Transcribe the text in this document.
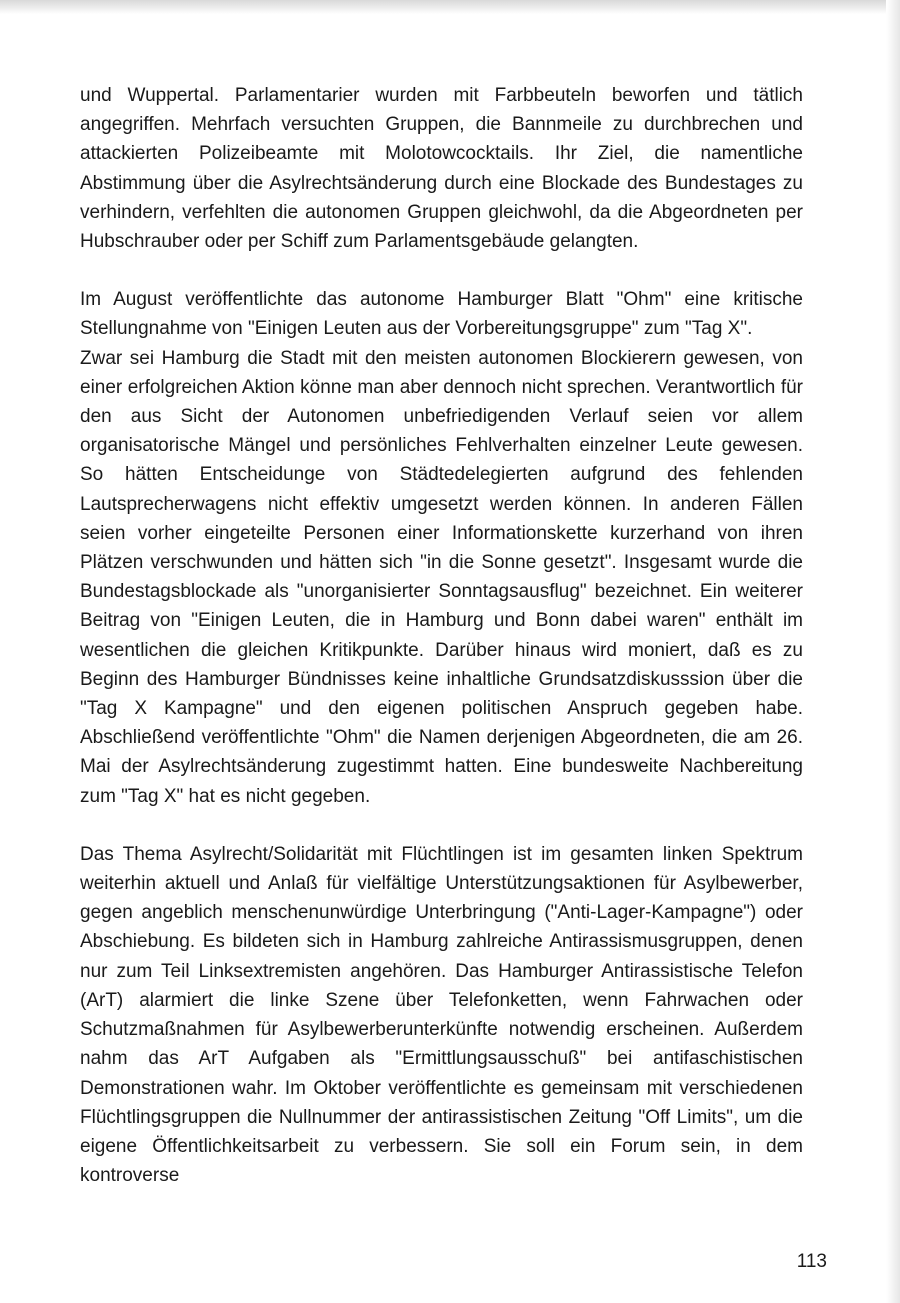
und Wuppertal. Parlamentarier wurden mit Farbbeuteln beworfen und tätlich angegriffen. Mehrfach versuchten Gruppen, die Bannmeile zu durchbrechen und attackierten Polizeibeamte mit Molotowcocktails. Ihr Ziel, die namentliche Abstimmung über die Asylrechtsänderung durch eine Blockade des Bundestages zu verhindern, verfehlten die autonomen Gruppen gleichwohl, da die Abgeordneten per Hubschrauber oder per Schiff zum Parlamentsgebäude gelangten.

Im August veröffentlichte das autonome Hamburger Blatt "Ohm" eine kritische Stellungnahme von "Einigen Leuten aus der Vorbereitungsgruppe" zum "Tag X".

Zwar sei Hamburg die Stadt mit den meisten autonomen Blockierern gewesen, von einer erfolgreichen Aktion könne man aber dennoch nicht sprechen. Verantwortlich für den aus Sicht der Autonomen unbefriedigenden Verlauf seien vor allem organisatorische Mängel und persönliches Fehlverhalten einzelner Leute gewesen. So hätten Entscheidunge von Städtedelegierten aufgrund des fehlenden Lautsprecherwagens nicht effektiv umgesetzt werden können. In anderen Fällen seien vorher eingeteilte Personen einer Informationskette kurzerhand von ihren Plätzen verschwunden und hätten sich "in die Sonne gesetzt". Insgesamt wurde die Bundestagsblockade als "unorganisierter Sonntagsausflug" bezeichnet. Ein weiterer Beitrag von "Einigen Leuten, die in Hamburg und Bonn dabei waren" enthält im wesentlichen die gleichen Kritikpunkte. Darüber hinaus wird moniert, daß es zu Beginn des Hamburger Bündnisses keine inhaltliche Grundsatzdiskusssion über die "Tag X Kampagne" und den eigenen politischen Anspruch gegeben habe. Abschließend veröffentlichte "Ohm" die Namen derjenigen Abgeordneten, die am 26. Mai der Asylrechtsänderung zugestimmt hatten. Eine bundesweite Nachbereitung zum "Tag X" hat es nicht gegeben.

Das Thema Asylrecht/Solidarität mit Flüchtlingen ist im gesamten linken Spektrum weiterhin aktuell und Anlaß für vielfältige Unterstützungsaktionen für Asylbewerber, gegen angeblich menschenunwürdige Unterbringung ("Anti-Lager-Kampagne") oder Abschiebung. Es bildeten sich in Hamburg zahlreiche Antirassismusgruppen, denen nur zum Teil Linksextremisten angehören. Das Hamburger Antirassistische Telefon (ArT) alarmiert die linke Szene über Telefonketten, wenn Fahrwachen oder Schutzmaßnahmen für Asylbewerberunterkünfte notwendig erscheinen. Außerdem nahm das ArT Aufgaben als "Ermittlungsausschuß" bei antifaschistischen Demonstrationen wahr. Im Oktober veröffentlichte es gemeinsam mit verschiedenen Flüchtlingsgruppen die Nullnummer der antirassistischen Zeitung "Off Limits", um die eigene Öffentlichkeitsarbeit zu verbessern. Sie soll ein Forum sein, in dem kontroverse

113
